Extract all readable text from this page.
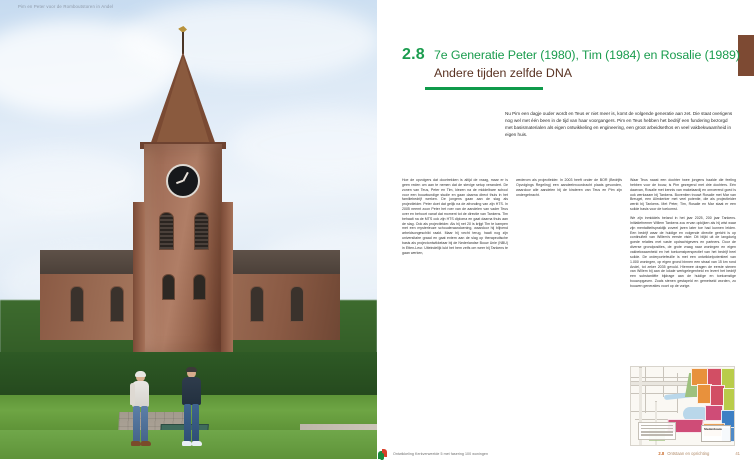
Pim en Peter voor de Romboutstoren in Andel
2.8 7e Generatie Peter (1980), Tim (1984) en Rosalie (1989)
Andere tijden zelfde DNA
Nu Pim een dagje ouder wordt en Teus er niet meer is, komt de volgende generatie aan zet. Die staat overigens nog wel met één been in de tijd van haar voorgangers. Pim en Teus hebben het bedrijf een fundering bezorgd met basismaterialen als eigen ontwikkeling en engineering, een groot arbeidsethos en veel vakbekwaamheid in eigen huis.

Hoe de opvolgers dat doortrekken is altijd de vraag, maar er is geen reden om aan te nemen dat de stevige setup verandert. De zonen van Teus, Peter en Tim, kiezen na de middelbare school voor een bouwkundige studie en gaan daarna direct thuis in het familiebedrijf werken. De jongens gaan aan de slag als projectleider. Peter doet dat gelijk na de afronding van zijn HTS. In 2005 neemt zoon Peter het roer van de aandelen van vader Teus over en behoort vanaf dat moment tot de directie van Tankens. Tim behaalt na de MTS ook zijn HTS diploma en gaat daarna thuis aan de slag. Ook als projectleider. Als hij net 20 is krijgt Tim te kampen met een mysterieuze schouderaandoening, waardoor hij blijvend arbeidsongeschikt raakt. Maar hij vecht terug, haalt nog zijn universitaire graad en gaat extern aan de slag op therapeutische basis als projectontwikkelaar bij de Nederlandse Bouw Unie (NBU) in Etten-Leur. Uiteindelijk lukt het hem zelfs om weer bij Tankens te gaan werken,

wederom als projectleider. In 2003 heeft onder de BOR (Bedrijfs Opvolgings Regeling) een aandeelnvoordracht plaats gevonden, waardoor alle aandelen bij de kinderen van Teus en Pim zijn ondergebracht.

Waar Teus naast een dochter twee jongens haalde die feeling hebben voor de bouw, is Pim gezegend met drie dochters. Eén daarvan, Rosalie met kennis van makelaardij en onroerend goed is ook werkzaam bij Tankens. Boventien trouwt Rosalie met Mar van Breugel, een Alimkerker met veel potentie, die als projectleider werkt bij Tankens. Met Peter, Tim, Rosalie en Mar staat er een solide basis voor de toekomst.

We zijn inmiddels beland in het jaar 2025, 200 jaar Tankens. Initiatiefnemer Willem Tankens zou ervan opkijken als hij wist waar zijn mentaliteitspraktijk zoveel jaren later toe had kunnen leiden. Een bedrijf waar de huidige en volgende directie gericht is op continuïteit van Willem's eerste visie: Dit blijkt uit de langdurig goede relaties met vaste opdrachtgevers en partners. Door de diverse grondposities, de grote vraag naar woningen en eigen vakbekwaamheid en het toekomstperspectief van het bedrijf heel solide. De orderportefeuille is met een ontwikkelpotentieel van 1.000 woningen, op eigen grond binnen een straal van 15 km rond Andel, tot zeker 2035 gevuld. Hiermee dragen de eerste stenen van Willem bij aan de lokale werkgelegenheid en levert het bedrijf een substantiële bijdrage aan de huidige en toekomstige bouwopgaven. Zoals stenen gestapeld en gemetseld worden, zo bouwen generaties voort op de vorige.

Stedenbouw
Ontwikkeling Kerkverweelde 5 met fasering 100 woningen	2.8 Ontstaan en oprichting	41
